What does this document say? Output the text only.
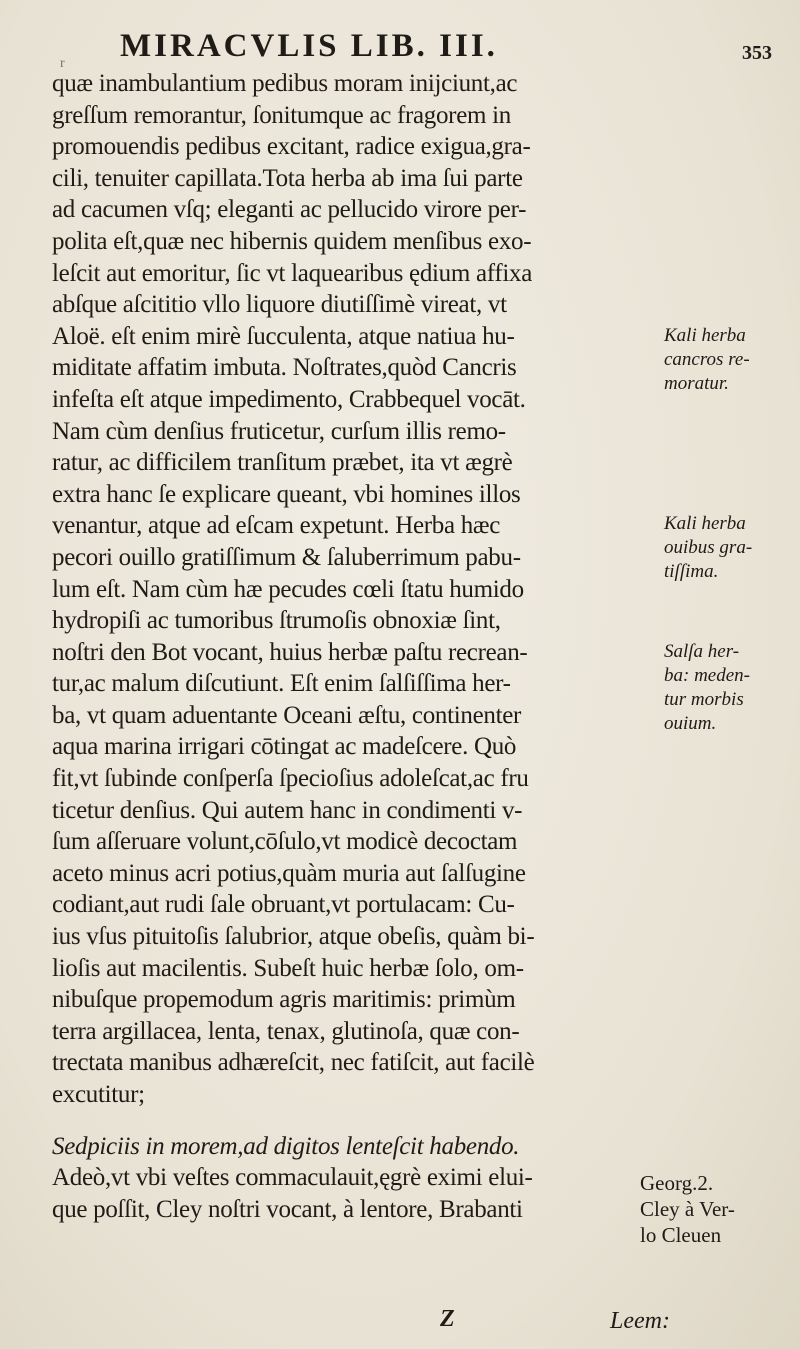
r MIRACVLIS LIB. III.	353
quæ inambulantium pedibus moram inijciunt,ac
greſſum remorantur, ſonitumque ac fragorem in
promouendis pedibus excitant, radice exigua,gra-
cili, tenuiter capillata.Tota herba ab ima ſui parte
ad cacumen vſq; eleganti ac pellucido virore per-
polita eſt,quæ nec hibernis quidem menſibus exo-
leſcit aut emoritur, ſic vt laquearibus ędium affixa
abſque aſcititio vllo liquore diutiſſimè vireat, vt
Aloë. eſt enim mirè ſucculenta, atque natiua hu-
miditate affatim imbuta. Noſtrates,quòd Cancris
infeſta eſt atque impedimento, Crabbequel vocāt.
Nam cùm denſius fruticetur, curſum illis remo-
ratur, ac difficilem tranſitum præbet, ita vt ægrè
extra hanc ſe explicare queant, vbi homines illos
venantur, atque ad eſcam expetunt. Herba hæc
pecori ouillo gratiſſimum & ſaluberrimum pabu-
lum eſt. Nam cùm hæ pecudes cœli ſtatu humido
hydropiſi ac tumoribus ſtrumoſis obnoxiæ ſint,
noſtri den Bot vocant, huius herbæ paſtu recrean-
tur,ac malum diſcutiunt. Eſt enim ſalſiſſima her-
ba, vt quam aduentante Oceani æſtu, continenter
aqua marina irrigari cōtingat ac madeſcere. Quò
fit,vt ſubinde conſperſa ſpecioſius adoleſcat,ac fru
ticetur denſius. Qui autem hanc in condimenti v-
ſum aſſeruare volunt,cōſulo,vt modicè decoctam
aceto minus acri potius,quàm muria aut ſalſugine
codiant,aut rudi ſale obruant,vt portulacam: Cu-
ius vſus pituitoſis ſalubrior, atque obeſis, quàm bi-
lioſis aut macilentis. Subeſt huic herbæ ſolo, om-
nibuſque propemodum agris maritimis: primùm
terra argillacea, lenta, tenax, glutinoſa, quæ con-
trectata manibus adhæreſcit, nec fatiſcit, aut facilè
excutitur;
Sedpiciis in morem,ad digitos lenteſcit habendo.
Adeò,vt vbi veſtes commaculauit,ęgrè eximi elui-
que poſſit, Cley noſtri vocant, à lentore, Brabanti
Kali herba
cancros re-
moratur.
Kali herba
ouibus gra-
tiſſima.
Salſa her-
ba: meden-
tur morbis
ouium.
Georg.2.
Cley à Ver-
lo Cleuen
Z	Leem:
